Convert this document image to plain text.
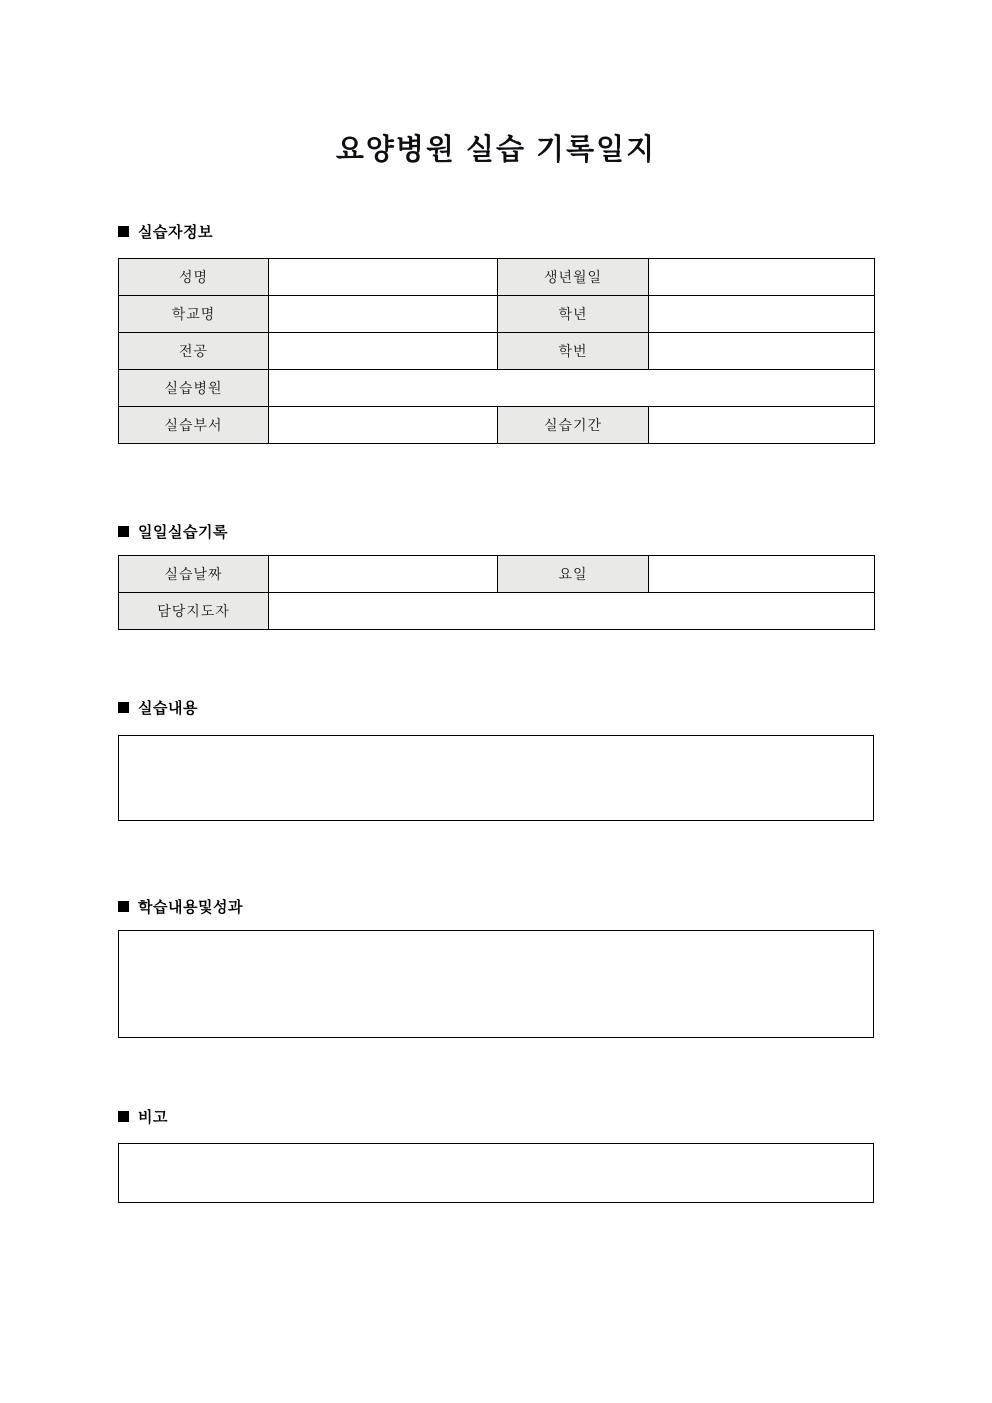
요양병원 실습 기록일지
실습자정보
성명		생년월일	
학교명		학년	
전공		학번	
실습병원			
실습부서		실습기간	
일일실습기록
실습날짜		요일	
담당지도자			
실습내용
학습내용및성과
비고
